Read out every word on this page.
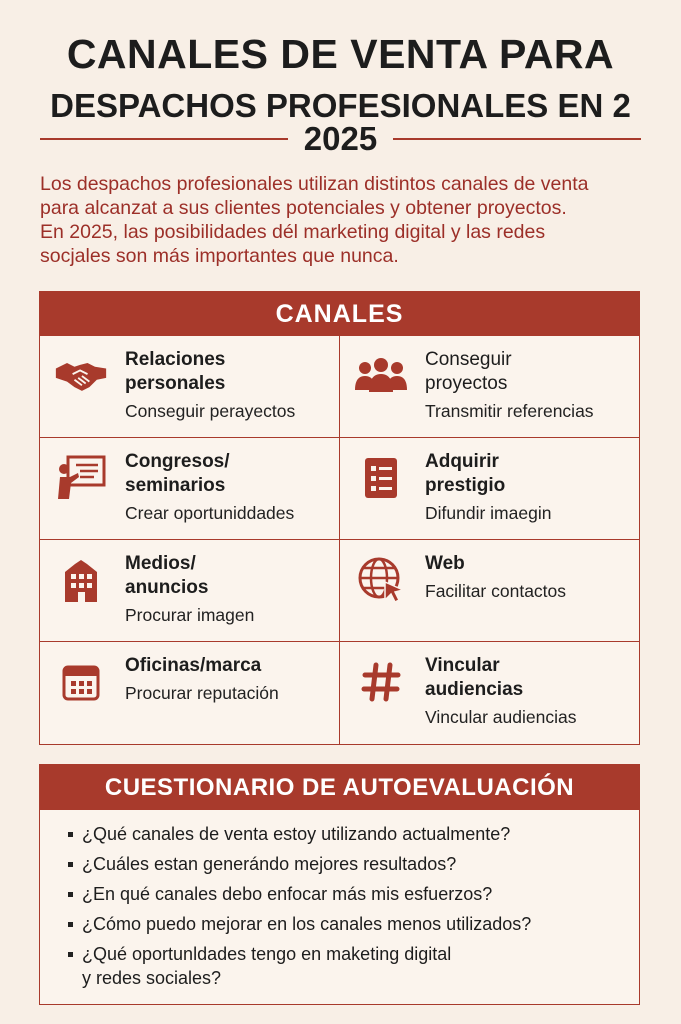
CANALES DE VENTA PARA
DESPACHOS PROFESIONALES EN 2
2025
Los despachos profesionales utilizan distintos canales de venta
para alcanzat a sus clientes potenciales y obtener proyectos.
En 2025, las posibilidades dél marketing digital y las redes
socjales son más importantes que nunca.
CANALES
Relaciones
personales
Conseguir perayectos
Conseguir
proyectos
Transmitir referencias
Congresos/
seminarios
Crear oportuniddades
Adquirir
prestigio
Difundir imaegin
Medios/
anuncios
Procurar imagen
Web
Facilitar contactos
Oficinas/marca
Procurar reputación
Vincular
audiencias
Vincular audiencias
CUESTIONARIO DE AUTOEVALUACIÓN
¿Qué canales de venta estoy utilizando actualmente?
¿Cuáles estan generándo mejores resultados?
¿En qué canales debo enfocar más mis esfuerzos?
¿Cómo puedo mejorar en los canales menos utilizados?
¿Qué oportunldades tengo en maketing digital
y redes sociales?
